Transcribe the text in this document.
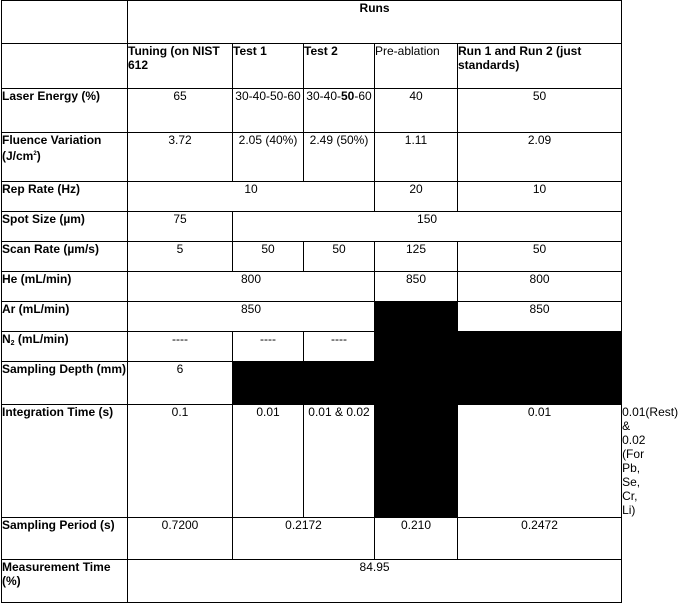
	Runs					
	Tuning (on NIST 612	Test 1	Test 2	Pre-ablation	Run 1 and Run 2 (just standards)	
Laser Energy (%)	65	30-40-50-60	30-40-50-60	40	50	
Fluence Variation $(J/cm^2)$	3.72	2.05 (40%)	2.49 (50%)	1.11	2.09	
Rep Rate (Hz)	10			20	10	
Spot Size (µm)	75	150				
Scan Rate (µm/s)	5	50	50	125	50	
He (mL/min)	800			850	800	
Ar (mL/min)	850				850	
$N_2$ (mL/min)	----	----	----			
Sampling Depth (mm)	6					
Integration Time (s)	0.1	0.01	0.01 & 0.02		0.01	0.01(Rest) & 0.02 (For Pb, Se, Cr, Li)
Sampling Period (s)	0.7200	0.2172		0.210	0.2472	
Measurement Time (%)	84.95					
